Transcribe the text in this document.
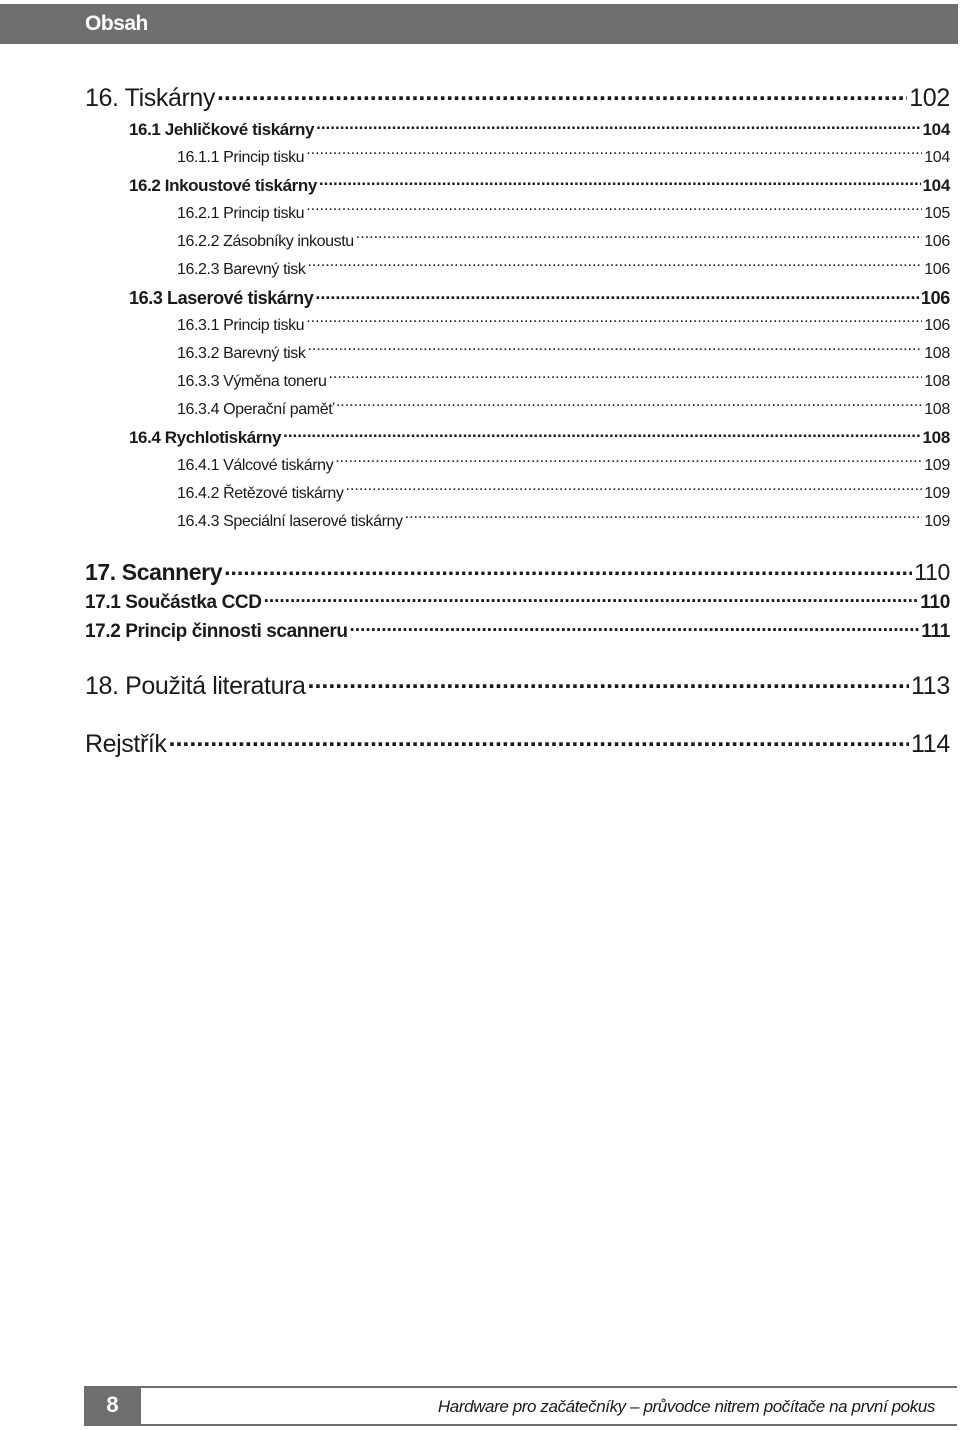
Obsah
16. Tiskárny .....	102
16.1 Jehličkové tiskárny .....	104
16.1.1 Princip tisku .....	104
16.2 Inkoustové tiskárny .....	104
16.2.1 Princip tisku .....	105
16.2.2 Zásobníky inkoustu .....	106
16.2.3 Barevný tisk .....	106
16.3 Laserové tiskárny .....	106
16.3.1 Princip tisku .....	106
16.3.2 Barevný tisk .....	108
16.3.3 Výměna toneru .....	108
16.3.4 Operační paměť .....	108
16.4 Rychlotiskárny .....	108
16.4.1 Válcové tiskárny .....	109
16.4.2 Řetězové tiskárny .....	109
16.4.3 Speciální laserové tiskárny .....	109
17. Scannery .....	110
17.1 Součástka CCD .....	110
17.2 Princip činnosti scanneru .....	111
18. Použitá literatura .....	113
Rejstřík .....	114
8	Hardware pro začátečníky – průvodce nitrem počítače na první pokus
